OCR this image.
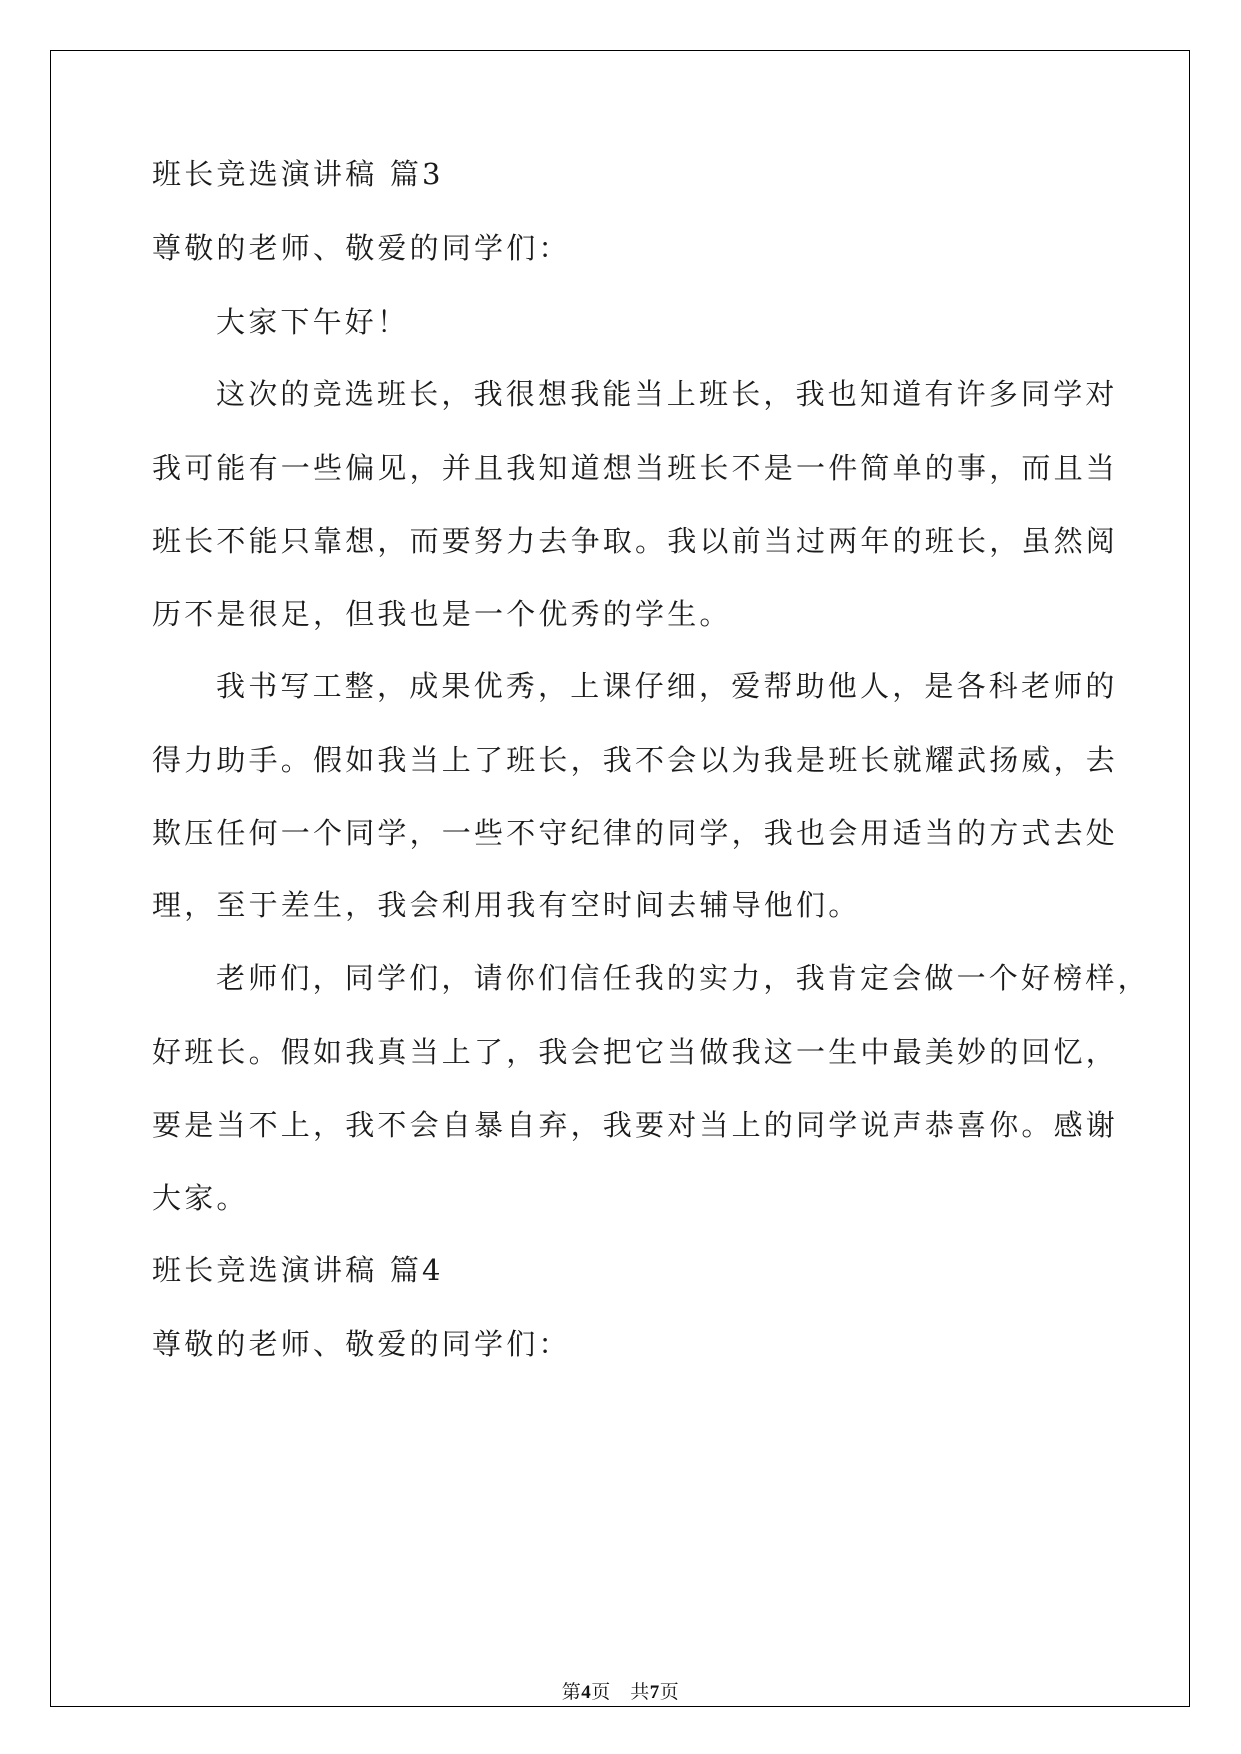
班长竞选演讲稿 篇3
尊敬的老师、敬爱的同学们：
大家下午好！
这次的竞选班长，我很想我能当上班长，我也知道有许多同学对
我可能有一些偏见，并且我知道想当班长不是一件简单的事，而且当
班长不能只靠想，而要努力去争取。我以前当过两年的班长，虽然阅
历不是很足，但我也是一个优秀的学生。
我书写工整，成果优秀，上课仔细，爱帮助他人，是各科老师的
得力助手。假如我当上了班长，我不会以为我是班长就耀武扬威，去
欺压任何一个同学，一些不守纪律的同学，我也会用适当的方式去处
理，至于差生，我会利用我有空时间去辅导他们。
老师们，同学们，请你们信任我的实力，我肯定会做一个好榜样，
好班长。假如我真当上了，我会把它当做我这一生中最美妙的回忆，
要是当不上，我不会自暴自弃，我要对当上的同学说声恭喜你。感谢
大家。
班长竞选演讲稿 篇4
尊敬的老师、敬爱的同学们：
第4页　共7页
